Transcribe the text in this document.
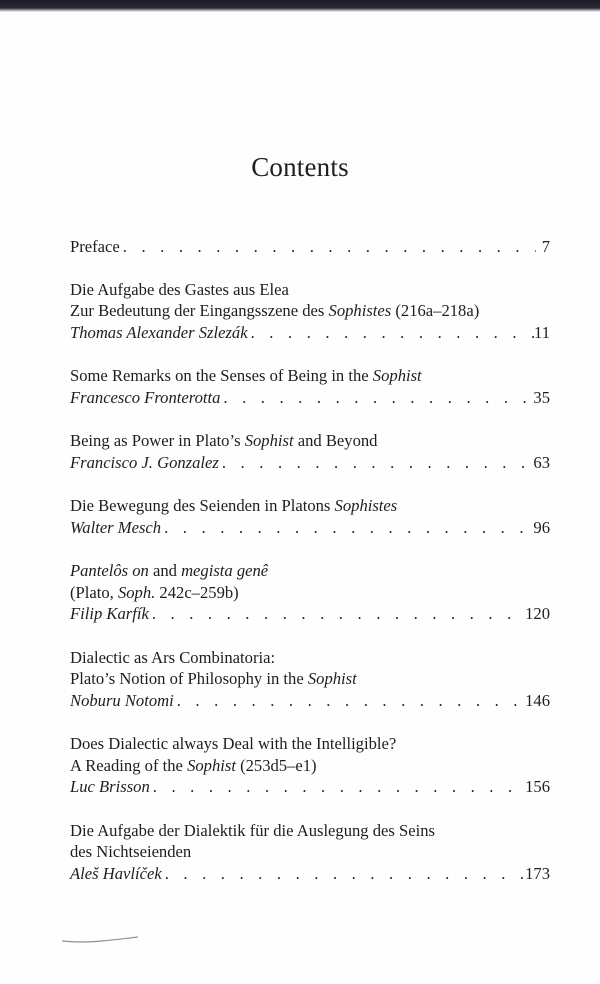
Contents
Preface . . .	7
Die Aufgabe des Gastes aus Elea
Zur Bedeutung der Eingangsszene des Sophistes (216a–218a)
Thomas Alexander Szlezák . . .	11
Some Remarks on the Senses of Being in the Sophist
Francesco Fronterotta . . .	35
Being as Power in Plato’s Sophist and Beyond
Francisco J. Gonzalez . . .	63
Die Bewegung des Seienden in Platons Sophistes
Walter Mesch . . .	96
Pantelôs on and megista genê
(Plato, Soph. 242c–259b)
Filip Karfík . . .	120
Dialectic as Ars Combinatoria:
Plato’s Notion of Philosophy in the Sophist
Noburu Notomi . . .	146
Does Dialectic always Deal with the Intelligible?
A Reading of the Sophist (253d5–e1)
Luc Brisson . . .	156
Die Aufgabe der Dialektik für die Auslegung des Seins
des Nichtseienden
Aleš Havlíček . . .	173
